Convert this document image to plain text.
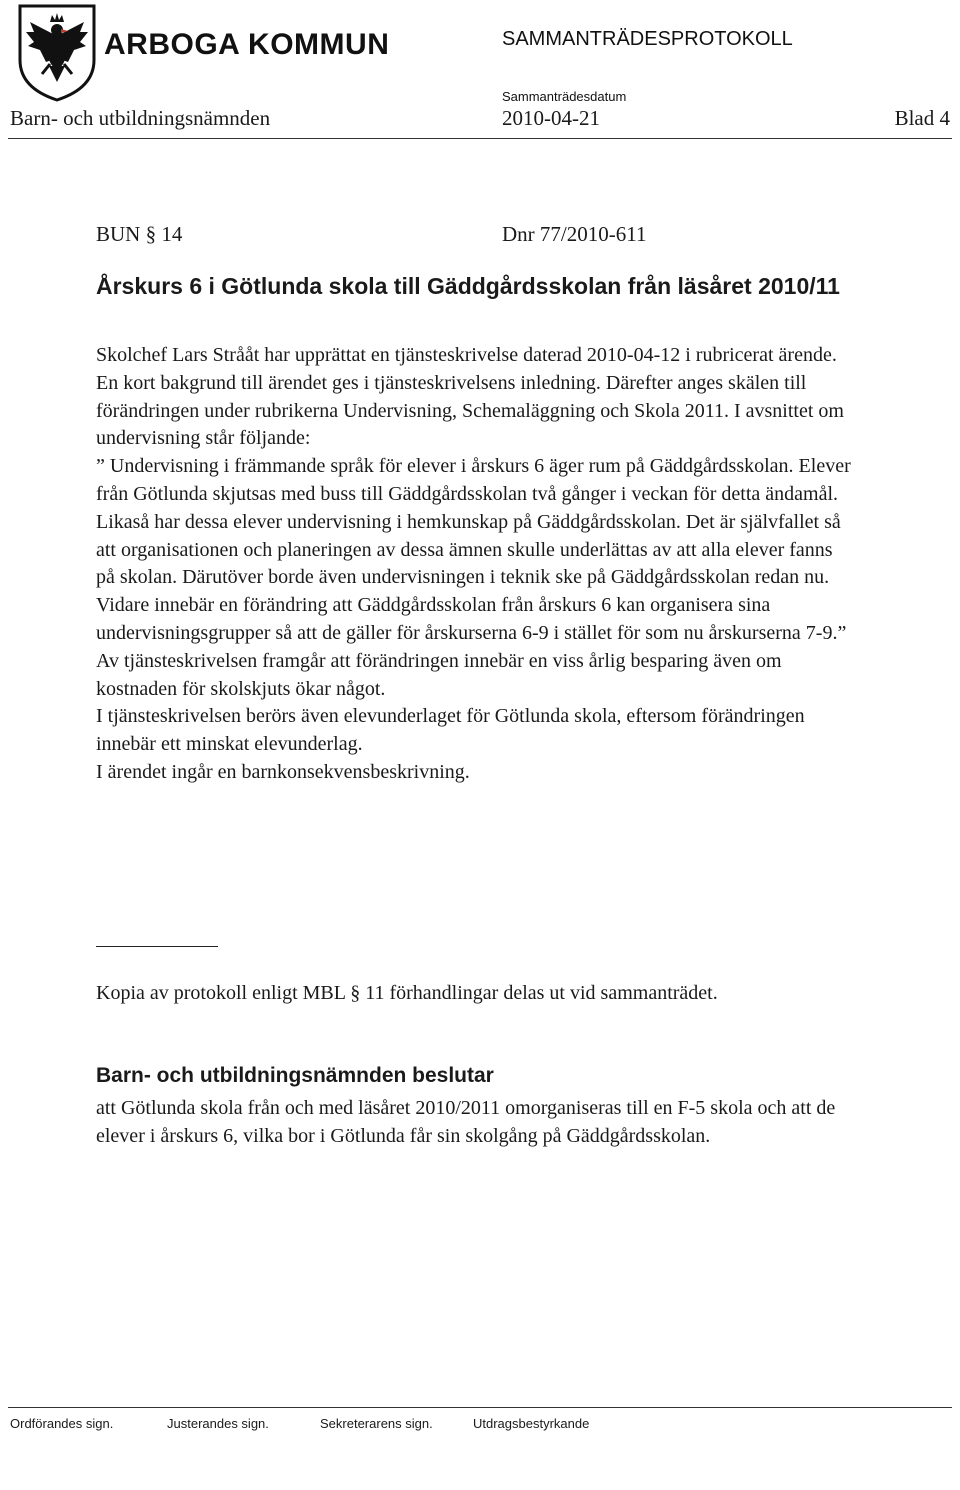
ARBOGA KOMMUN	SAMMANTRÄDESPROTOKOLL
Sammanträdesdatum
Barn- och utbildningsnämnden	2010-04-21	Blad 4
BUN § 14	Dnr 77/2010-611
Årskurs 6 i Götlunda skola till Gäddgårdsskolan från läsåret 2010/11

Skolchef Lars Strååt har upprättat en tjänsteskrivelse daterad 2010-04-12 i rubricerat ärende. En kort bakgrund till ärendet ges i tjänsteskrivelsens inledning. Därefter anges skälen till förändringen under rubrikerna Undervisning, Schemaläggning och Skola 2011. I avsnittet om undervisning står följande:

” Undervisning i främmande språk för elever i årskurs 6 äger rum på Gäddgårdsskolan. Elever från Götlunda skjutsas med buss till Gäddgårdsskolan två gånger i veckan för detta ändamål. Likaså har dessa elever undervisning i hemkunskap på Gäddgårdsskolan. Det är självfallet så att organisationen och planeringen av dessa ämnen skulle underlättas av att alla elever fanns på skolan. Därutöver borde även undervisningen i teknik ske på Gäddgårdsskolan redan nu.

Vidare innebär en förändring att Gäddgårdsskolan från årskurs 6 kan organisera sina undervisningsgrupper så att de gäller för årskurserna 6-9 i stället för som nu årskurserna 7-9.”

Av tjänsteskrivelsen framgår att förändringen innebär en viss årlig besparing även om kostnaden för skolskjuts ökar något.

I tjänsteskrivelsen berörs även elevunderlaget för Götlunda skola, eftersom förändringen innebär ett minskat elevunderlag.

I ärendet ingår en barnkonsekvensbeskrivning.

Kopia av protokoll enligt MBL § 11 förhandlingar delas ut vid sammanträdet.
Barn- och utbildningsnämnden beslutar
att Götlunda skola från och med läsåret 2010/2011 omorganiseras till en F-5 skola och att de elever i årskurs 6, vilka bor i Götlunda får sin skolgång på Gäddgårdsskolan.
Ordförandes sign.	Justerandes sign.	Sekreterarens sign.	Utdragsbestyrkande
